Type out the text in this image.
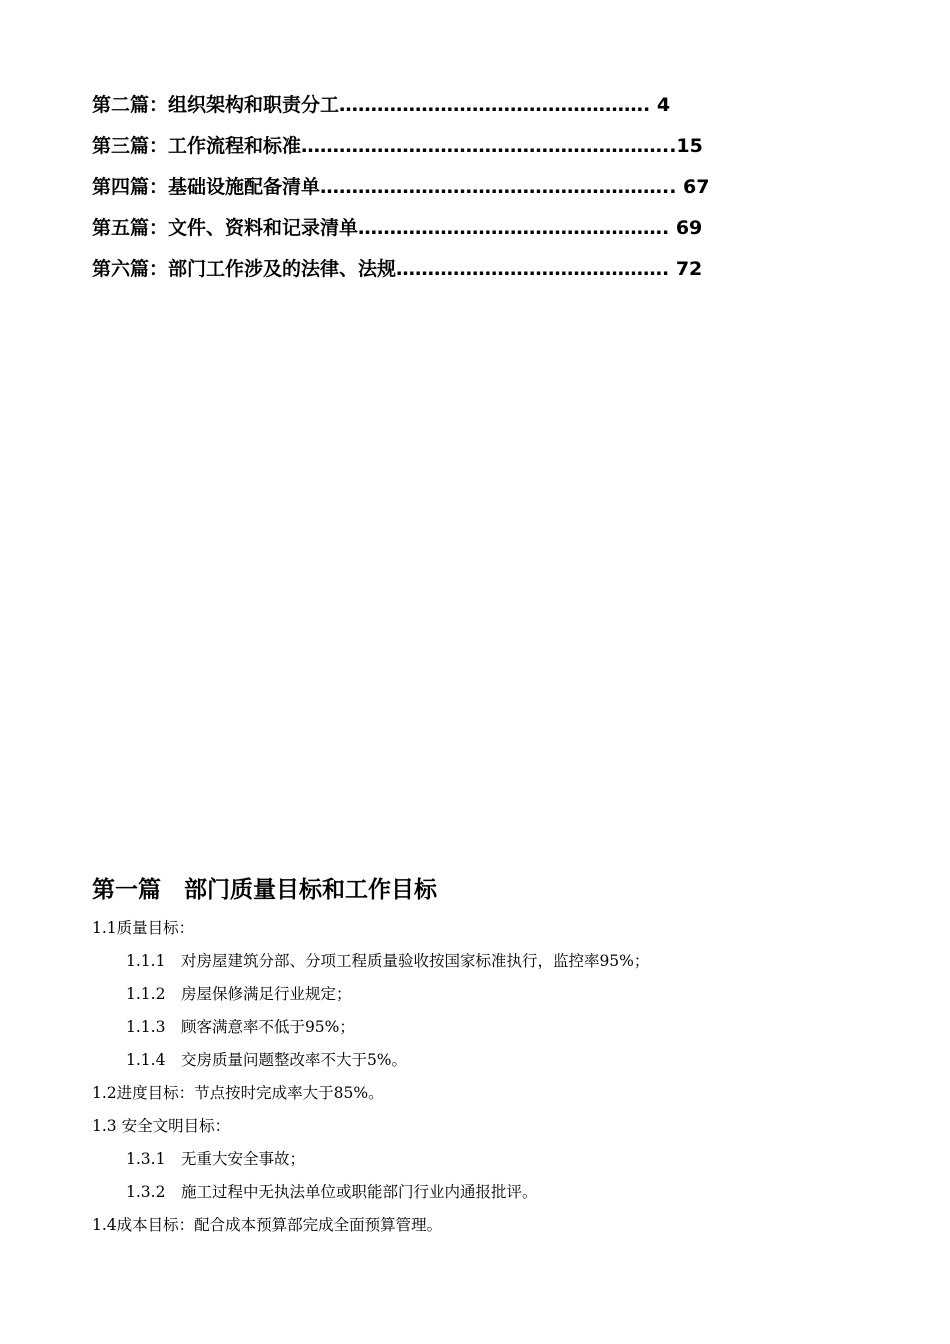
第二篇：组织架构和职责分工…………………………………………. 4
第三篇：工作流程和标准…………………………………………………..15
第四篇：基础设施配备清单……………………………………………….. 67
第五篇：文件、资料和记录清单…………………………………………. 69
第六篇：部门工作涉及的法律、法规……………………………………. 72
第一篇　部门质量目标和工作目标
1.1质量目标：
1.1.1　对房屋建筑分部、分项工程质量验收按国家标准执行，监控率95%；
1.1.2　房屋保修满足行业规定；
1.1.3　顾客满意率不低于95%；
1.1.4　交房质量问题整改率不大于5%。
1.2进度目标：节点按时完成率大于85%。
1.3 安全文明目标：
1.3.1　无重大安全事故；
1.3.2　施工过程中无执法单位或职能部门行业内通报批评。
1.4成本目标：配合成本预算部完成全面预算管理。
